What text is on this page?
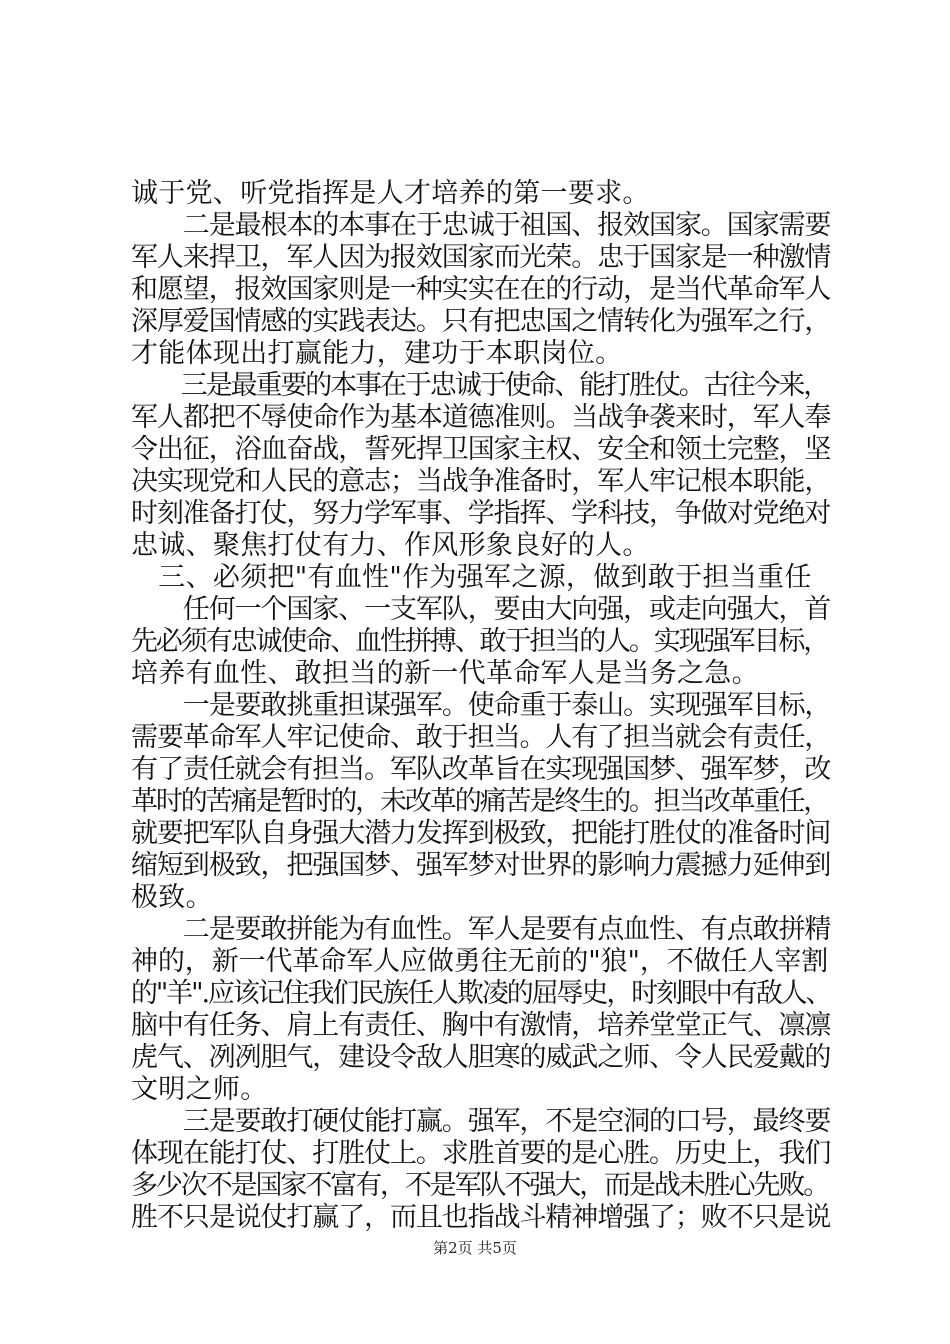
诚于党、听党指挥是人才培养的第一要求。
　　二是最根本的本事在于忠诚于祖国、报效国家。国家需要
军人来捍卫，军人因为报效国家而光荣。忠于国家是一种激情
和愿望，报效国家则是一种实实在在的行动，是当代革命军人
深厚爱国情感的实践表达。只有把忠国之情转化为强军之行，
才能体现出打赢能力，建功于本职岗位。
　　三是最重要的本事在于忠诚于使命、能打胜仗。古往今来，
军人都把不辱使命作为基本道德准则。当战争袭来时，军人奉
令出征，浴血奋战，誓死捍卫国家主权、安全和领土完整，坚
决实现党和人民的意志；当战争准备时，军人牢记根本职能，
时刻准备打仗，努力学军事、学指挥、学科技，争做对党绝对
忠诚、聚焦打仗有力、作风形象良好的人。
　三、必须把"有血性"作为强军之源，做到敢于担当重任
　　任何一个国家、一支军队，要由大向强，或走向强大，首
先必须有忠诚使命、血性拼搏、敢于担当的人。实现强军目标，
培养有血性、敢担当的新一代革命军人是当务之急。
　　一是要敢挑重担谋强军。使命重于泰山。实现强军目标，
需要革命军人牢记使命、敢于担当。人有了担当就会有责任，
有了责任就会有担当。军队改革旨在实现强国梦、强军梦，改
革时的苦痛是暂时的，未改革的痛苦是终生的。担当改革重任，
就要把军队自身强大潜力发挥到极致，把能打胜仗的准备时间
缩短到极致，把强国梦、强军梦对世界的影响力震撼力延伸到
极致。
　　二是要敢拼能为有血性。军人是要有点血性、有点敢拼精
神的，新一代革命军人应做勇往无前的"狼"，不做任人宰割
的"羊".应该记住我们民族任人欺凌的屈辱史，时刻眼中有敌人、
脑中有任务、肩上有责任、胸中有激情，培养堂堂正气、凛凛
虎气、冽冽胆气，建设令敌人胆寒的威武之师、令人民爱戴的
文明之师。
　　三是要敢打硬仗能打赢。强军，不是空洞的口号，最终要
体现在能打仗、打胜仗上。求胜首要的是心胜。历史上，我们
多少次不是国家不富有，不是军队不强大，而是战未胜心先败。
胜不只是说仗打赢了，而且也指战斗精神增强了；败不只是说
第2页 共5页
